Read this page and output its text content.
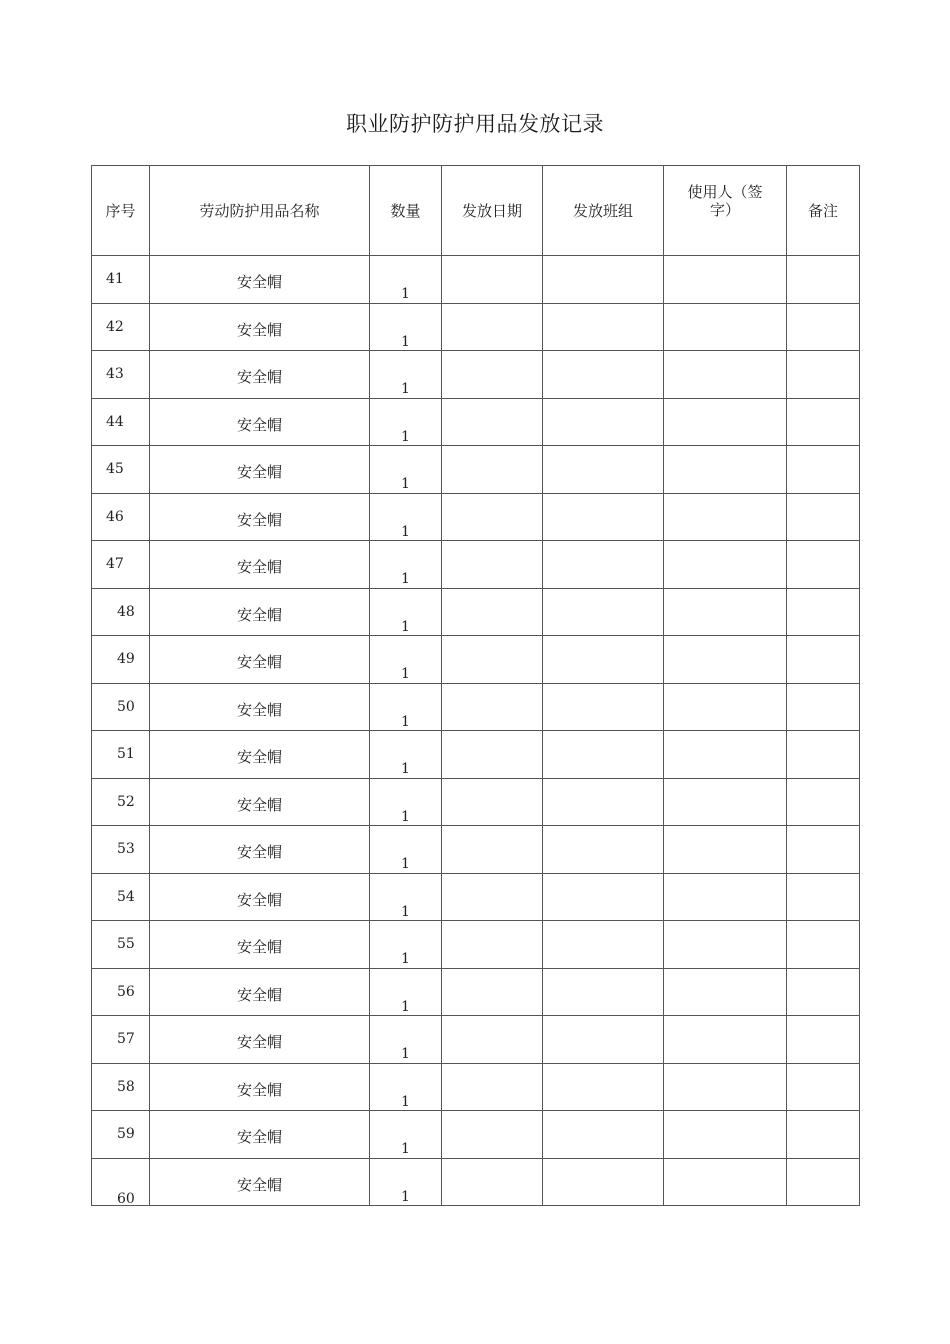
职业防护防护用品发放记录
序号	劳动防护用品名称	数量	发放日期	发放班组	使用人（签字）	备注

41	安全帽	1				

42	安全帽	1				

43	安全帽	1				

44	安全帽	1				

45	安全帽	1				

46	安全帽	1				

47	安全帽	1				

48	安全帽	1				

49	安全帽	1				

50	安全帽	1				

51	安全帽	1				

52	安全帽	1				

53	安全帽	1				

54	安全帽	1				

55	安全帽	1				

56	安全帽	1				

57	安全帽	1				

58	安全帽	1				

59	安全帽	1				

60	安全帽	1				
